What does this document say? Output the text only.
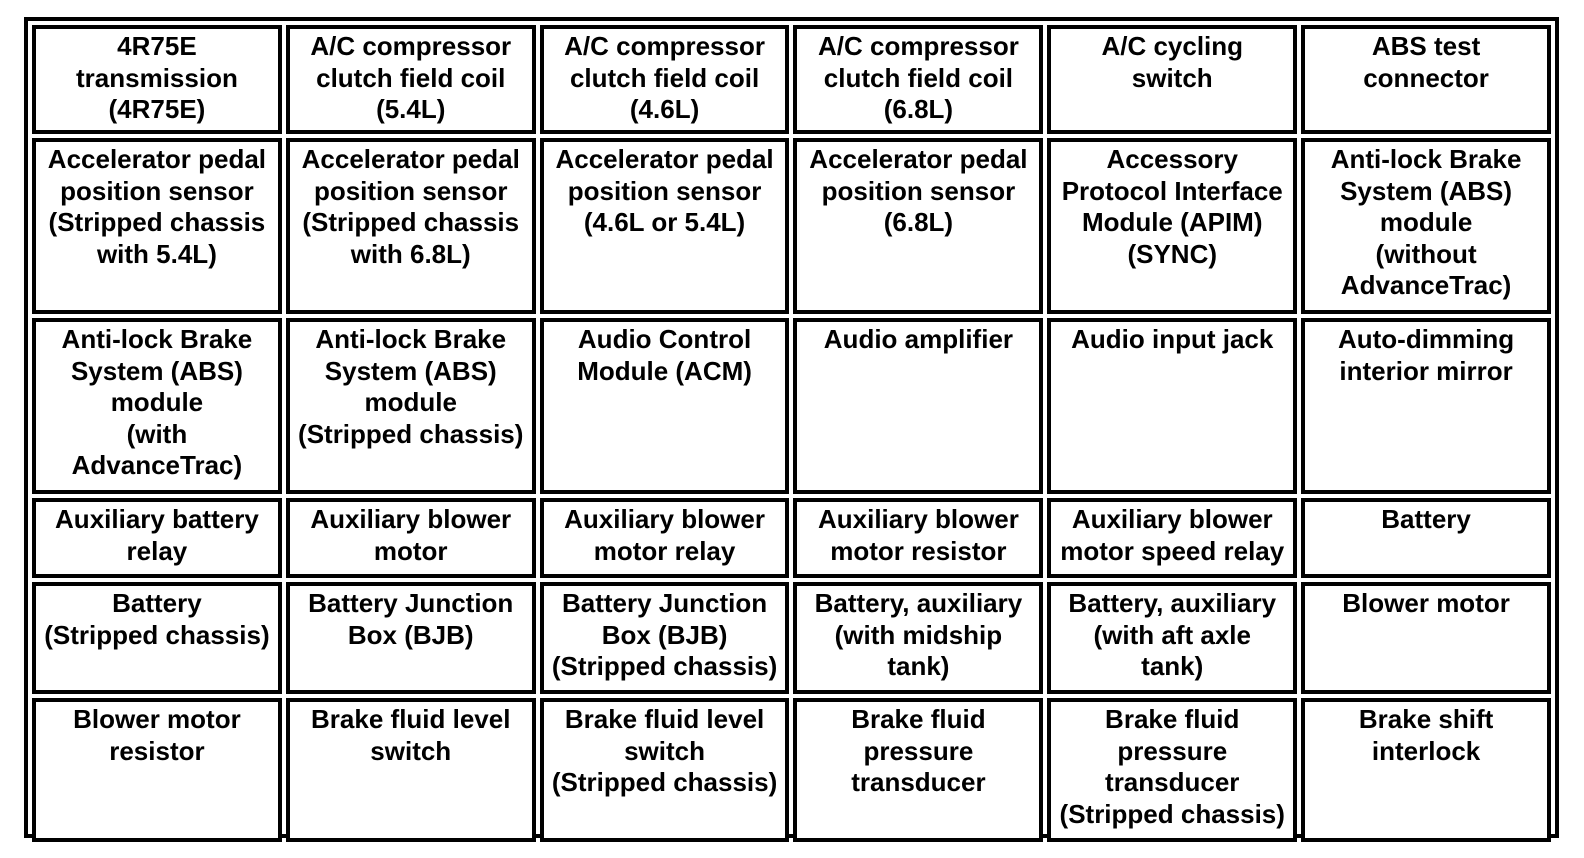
4R75E
transmission
(4R75E)
A/C compressor
clutch field coil
(5.4L)
A/C compressor
clutch field coil
(4.6L)
A/C compressor
clutch field coil
(6.8L)
A/C cycling
switch
ABS test
connector
Accelerator pedal
position sensor
(Stripped chassis
with 5.4L)
Accelerator pedal
position sensor
(Stripped chassis
with 6.8L)
Accelerator pedal
position sensor
(4.6L or 5.4L)
Accelerator pedal
position sensor
(6.8L)
Accessory
Protocol Interface
Module (APIM)
(SYNC)
Anti-lock Brake
System (ABS)
module
(without
AdvanceTrac)
Anti-lock Brake
System (ABS)
module
(with
AdvanceTrac)
Anti-lock Brake
System (ABS)
module
(Stripped chassis)
Audio Control
Module (ACM)
Audio amplifier Audio input jack Auto-dimming
interior mirror
Auxiliary battery
relay
Auxiliary blower
motor
Auxiliary blower
motor relay
Auxiliary blower
motor resistor
Auxiliary blower
motor speed relay
Battery
Battery
(Stripped chassis)
Battery Junction
Box (BJB)
Battery Junction
Box (BJB)
(Stripped chassis)
Battery, auxiliary
(with midship
tank)
Battery, auxiliary
(with aft axle
tank)
Blower motor
Blower motor
resistor
Brake fluid level
switch
Brake fluid level
switch
(Stripped chassis)
Brake fluid
pressure
transducer
Brake fluid
pressure
transducer
(Stripped chassis)
Brake shift
interlock
